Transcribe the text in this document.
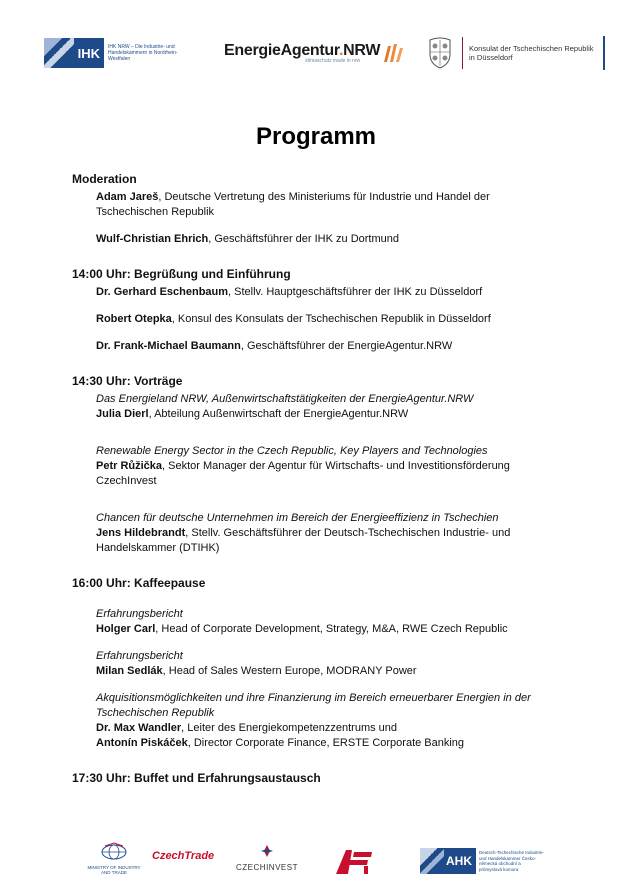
IHK IHK NRW – Die Industrie- und Handelskammern in Nordrhein-Westfalen	EnergieAgentur.NRW
klimaschutz made in nrw
Konsulat der Tschechischen Republik in Düsseldorf
Programm
Moderation
Adam Jareš, Deutsche Vertretung des Ministeriums für Industrie und Handel der Tschechischen Republik
Wulf-Christian Ehrich, Geschäftsführer der IHK zu Dortmund
14:00 Uhr: Begrüßung und Einführung
Dr. Gerhard Eschenbaum, Stellv. Hauptgeschäftsführer der IHK zu Düsseldorf
Robert Otepka, Konsul des Konsulats der Tschechischen Republik in Düsseldorf
Dr. Frank-Michael Baumann, Geschäftsführer der EnergieAgentur.NRW
14:30 Uhr: Vorträge
Das Energieland NRW, Außenwirtschaftstätigkeiten der EnergieAgentur.NRW
Julia Dierl, Abteilung Außenwirtschaft der EnergieAgentur.NRW
Renewable Energy Sector in the Czech Republic, Key Players and Technologies
Petr Růžička, Sektor Manager der Agentur für Wirtschafts- und Investitionsförderung CzechInvest
Chancen für deutsche Unternehmen im Bereich der Energieeffizienz in Tschechien
Jens Hildebrandt, Stellv. Geschäftsführer der Deutsch-Tschechischen Industrie- und Handelskammer (DTIHK)
16:00 Uhr: Kaffeepause
Erfahrungsbericht
Holger Carl, Head of Corporate Development, Strategy, M&A, RWE Czech Republic
Erfahrungsbericht
Milan Sedlák, Head of Sales Western Europe, MODRANY Power
Akquisitionsmöglichkeiten und ihre Finanzierung im Bereich erneuerbarer Energien in der Tschechischen Republik
Dr. Max Wandler, Leiter des Energiekompetenzzentrums und
Antonín Piskáček, Director Corporate Finance, ERSTE Corporate Banking
17:30 Uhr: Buffet und Erfahrungsaustausch
MINISTRY OF INDUSTRY AND TRADE
CzechTrade
CZECHINVEST	AHK
Deutsch-Tschechische Industrie- und Handelskammer Česko-německá obchodní a průmyslová komora
